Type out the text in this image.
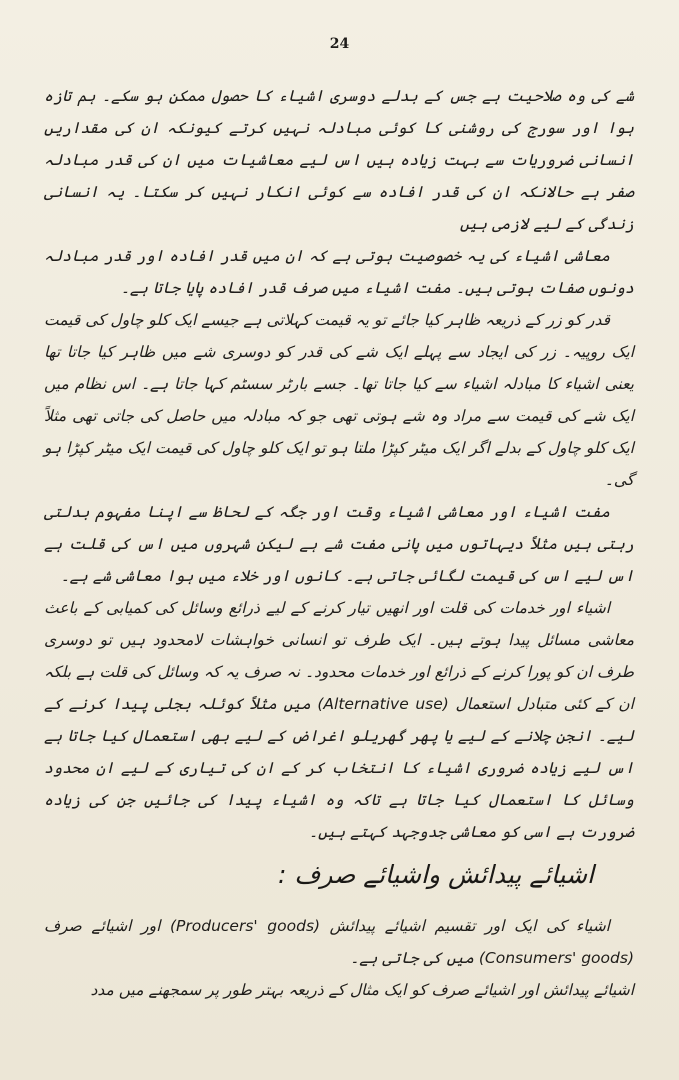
24

شے کی وہ صلاحیت ہے جس کے بدلے دوسری اشیاء کا حصول ممکن ہو سکے۔ ہم تازہ ہوا اور سورج کی روشنی کا کوئی مبادلہ نہیں کرتے کیونکہ ان کی مقداریں انسانی ضروریات سے بہت زیادہ ہیں اس لیے معاشیات میں ان کی قدر مبادلہ صفر ہے حالانکہ ان کی قدر افادہ سے کوئی انکار نہیں کر سکتا۔ یہ انسانی زندگی کے لیے لازمی ہیں

معاشی اشیاء کی یہ خصوصیت ہوتی ہے کہ ان میں قدر افادہ اور قدر مبادلہ دونوں صفات ہوتی ہیں۔ مفت اشیاء میں صرف قدر افادہ پایا جاتا ہے۔

قدر کو زر کے ذریعہ ظاہر کیا جائے تو یہ قیمت کہلاتی ہے جیسے ایک کلو چاول کی قیمت ایک روپیہ۔ زر کی ایجاد سے پہلے ایک شے کی قدر کو دوسری شے میں ظاہر کیا جاتا تھا یعنی اشیاء کا مبادلہ اشیاء سے کیا جاتا تھا۔ جسے بارٹر سسٹم کہا جاتا ہے۔ اس نظام میں ایک شے کی قیمت سے مراد وہ شے ہوتی تھی جو کہ مبادلہ میں حاصل کی جاتی تھی مثلاً ایک کلو چاول کے بدلے اگر ایک میٹر کپڑا ملتا ہو تو ایک کلو چاول کی قیمت ایک میٹر کپڑا ہو گی۔

مفت اشیاء اور معاشی اشیاء وقت اور جگہ کے لحاظ سے اپنا مفہوم بدلتی رہتی ہیں مثلاً دیہاتوں میں پانی مفت شے ہے لیکن شہروں میں اس کی قلت ہے اس لیے اس کی قیمت لگائی جاتی ہے۔ کانوں اور خلاء میں ہوا معاشی شے ہے۔

اشیاء اور خدمات کی قلت اور انھیں تیار کرنے کے لیے ذرائع وسائل کی کمیابی کے باعث معاشی مسائل پیدا ہوتے ہیں۔ ایک طرف تو انسانی خواہشات لامحدود ہیں تو دوسری طرف ان کو پورا کرنے کے ذرائع اور خدمات محدود۔ نہ صرف یہ کہ وسائل کی قلت ہے بلکہ ان کے کئی متبادل استعمال (Alternative use) میں مثلاً کوئلہ بجلی پیدا کرنے کے لیے۔ انجن چلانے کے لیے یا پھر گھریلو اغراض کے لیے بھی استعمال کیا جاتا ہے اس لیے زیادہ ضروری اشیاء کا انتخاب کر کے ان کی تیاری کے لیے ان محدود وسائل کا استعمال کیا جاتا ہے تاکہ وہ اشیاء پیدا کی جائیں جن کی زیادہ ضرورت ہے اسی کو معاشی جدوجہد کہتے ہیں۔

اشیائے پیدائش واشیائے صرف :

اشیاء کی ایک اور تقسیم اشیائے پیدائش (Producers' goods) اور اشیائے صرف (Consumers' goods) میں کی جاتی ہے۔

اشیائے پیدائش اور اشیائے صرف کو ایک مثال کے ذریعہ بہتر طور پر سمجھنے میں مدد
